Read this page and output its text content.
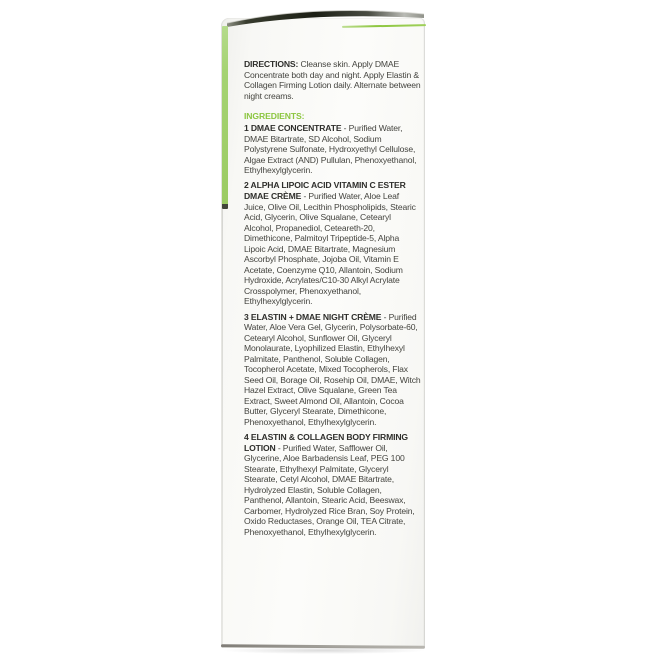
DIRECTIONS: Cleanse skin. Apply DMAE Concentrate both day and night. Apply Elastin & Collagen Firming Lotion daily. Alternate between night creams.

INGREDIENTS:

1 DMAE CONCENTRATE - Purified Water, DMAE Bitartrate, SD Alcohol, Sodium Polystyrene Sulfonate, Hydroxyethyl Cellulose, Algae Extract (AND) Pullulan, Phenoxyethanol, Ethylhexylglycerin.

2 ALPHA LIPOIC ACID VITAMIN C ESTER DMAE CRÈME - Purified Water, Aloe Leaf Juice, Olive Oil, Lecithin Phospholipids, Stearic Acid, Glycerin, Olive Squalane, Cetearyl Alcohol, Propanediol, Ceteareth-20, Dimethicone, Palmitoyl Tripeptide-5, Alpha Lipoic Acid, DMAE Bitartrate, Magnesium Ascorbyl Phosphate, Jojoba Oil, Vitamin E Acetate, Coenzyme Q10, Allantoin, Sodium Hydroxide, Acrylates/C10-30 Alkyl Acrylate Crosspolymer, Phenoxyethanol, Ethylhexylglycerin.

3 ELASTIN + DMAE NIGHT CRÈME - Purified Water, Aloe Vera Gel, Glycerin, Polysorbate-60, Cetearyl Alcohol, Sunflower Oil, Glyceryl Monolaurate, Lyophilized Elastin, Ethylhexyl Palmitate, Panthenol, Soluble Collagen, Tocopherol Acetate, Mixed Tocopherols, Flax Seed Oil, Borage Oil, Rosehip Oil, DMAE, Witch Hazel Extract, Olive Squalane, Green Tea Extract, Sweet Almond Oil, Allantoin, Cocoa Butter, Glyceryl Stearate, Dimethicone, Phenoxyethanol, Ethylhexylglycerin.

4 ELASTIN & COLLAGEN BODY FIRMING LOTION - Purified Water, Safflower Oil, Glycerine, Aloe Barbadensis Leaf, PEG 100 Stearate, Ethylhexyl Palmitate, Glyceryl Stearate, Cetyl Alcohol, DMAE Bitartrate, Hydrolyzed Elastin, Soluble Collagen, Panthenol, Allantoin, Stearic Acid, Beeswax, Carbomer, Hydrolyzed Rice Bran, Soy Protein, Oxido Reductases, Orange Oil, TEA Citrate, Phenoxyethanol, Ethylhexylglycerin.
